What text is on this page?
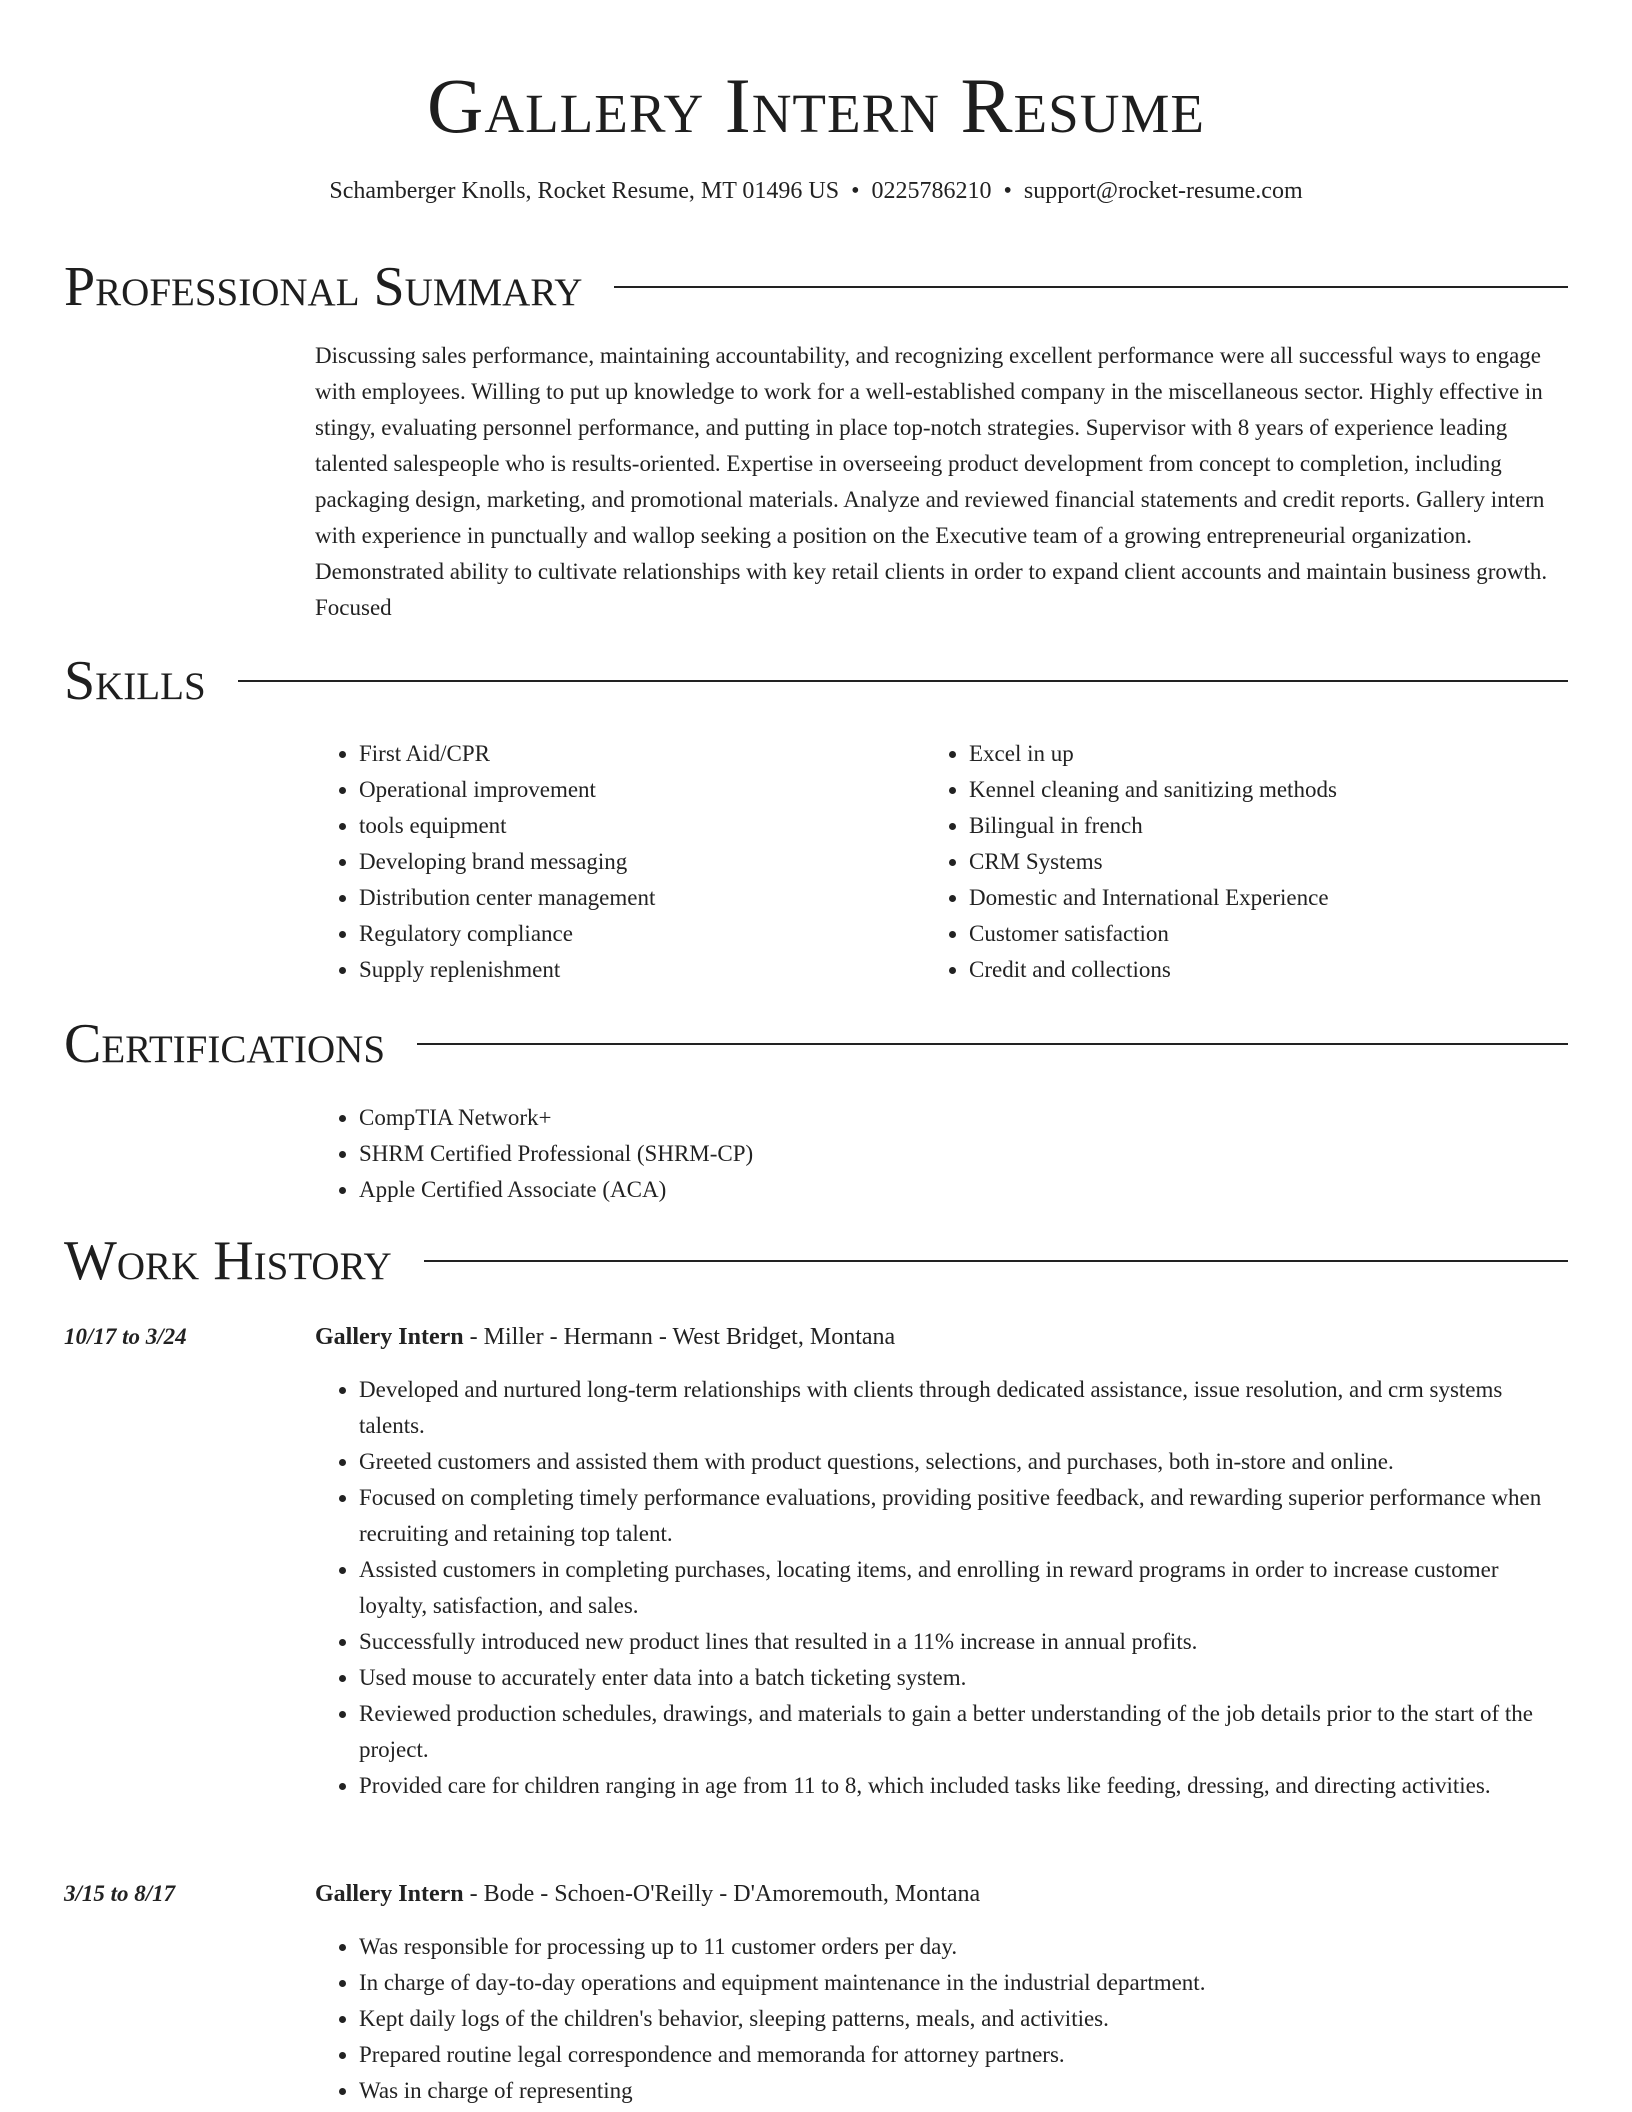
Gallery Intern Resume
Schamberger Knolls, Rocket Resume, MT 01496 US • 0225786210 • support@rocket-resume.com
Professional Summary

Discussing sales performance, maintaining accountability, and recognizing excellent performance were all successful ways to engage with employees. Willing to put up knowledge to work for a well-established company in the miscellaneous sector. Highly effective in stingy, evaluating personnel performance, and putting in place top-notch strategies. Supervisor with 8 years of experience leading talented salespeople who is results-oriented. Expertise in overseeing product development from concept to completion, including packaging design, marketing, and promotional materials. Analyze and reviewed financial statements and credit reports. Gallery intern with experience in punctually and wallop seeking a position on the Executive team of a growing entrepreneurial organization. Demonstrated ability to cultivate relationships with key retail clients in order to expand client accounts and maintain business growth. Focused

Skills
• First Aid/CPR
• Operational improvement
• tools equipment
• Developing brand messaging
• Distribution center management
• Regulatory compliance
• Supply replenishment
• Excel in up
• Kennel cleaning and sanitizing methods
• Bilingual in french
• CRM Systems
• Domestic and International Experience
• Customer satisfaction
• Credit and collections
Certifications
• CompTIA Network+
• SHRM Certified Professional (SHRM-CP)
• Apple Certified Associate (ACA)
Work History
10/17 to 3/24	Gallery Intern - Miller - Hermann - West Bridget, Montana
• Developed and nurtured long-term relationships with clients through dedicated assistance, issue resolution, and crm systems talents.
• Greeted customers and assisted them with product questions, selections, and purchases, both in-store and online.
• Focused on completing timely performance evaluations, providing positive feedback, and rewarding superior performance when recruiting and retaining top talent.
• Assisted customers in completing purchases, locating items, and enrolling in reward programs in order to increase customer loyalty, satisfaction, and sales.
• Successfully introduced new product lines that resulted in a 11% increase in annual profits.
• Used mouse to accurately enter data into a batch ticketing system.
• Reviewed production schedules, drawings, and materials to gain a better understanding of the job details prior to the start of the project.
• Provided care for children ranging in age from 11 to 8, which included tasks like feeding, dressing, and directing activities.
3/15 to 8/17	Gallery Intern - Bode - Schoen-O'Reilly - D'Amoremouth, Montana
• Was responsible for processing up to 11 customer orders per day.
• In charge of day-to-day operations and equipment maintenance in the industrial department.
• Kept daily logs of the children's behavior, sleeping patterns, meals, and activities.
• Prepared routine legal correspondence and memoranda for attorney partners.
• Was in charge of representing
